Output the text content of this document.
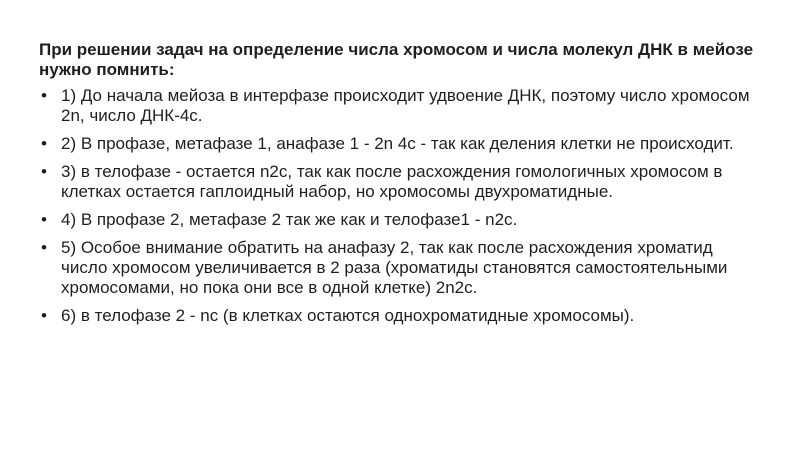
При решении задач на определение числа хромосом и числа молекул ДНК в мейозе нужно помнить:
• 1) До начала мейоза в интерфазе происходит удвоение ДНК, поэтому число хромосом 2n, число ДНК-4с.
• 2) В профазе, метафазе 1, анафазе 1 - 2n 4c - так как деления клетки не происходит.
• 3) в телофазе - остается n2c, так как после расхождения гомологичных хромосом в клетках остается гаплоидный набор, но хромосомы двухроматидные.
• 4) В профазе 2, метафазе 2 так же как и телофазе1 - n2c.
• 5) Особое внимание обратить на анафазу 2, так как после расхождения хроматид число хромосом увеличивается в 2 раза (хроматиды становятся самостоятельными хромосомами, но пока они все в одной клетке) 2n2c.
• 6) в телофазе 2 - nc (в клетках остаются однохроматидные хромосомы).
